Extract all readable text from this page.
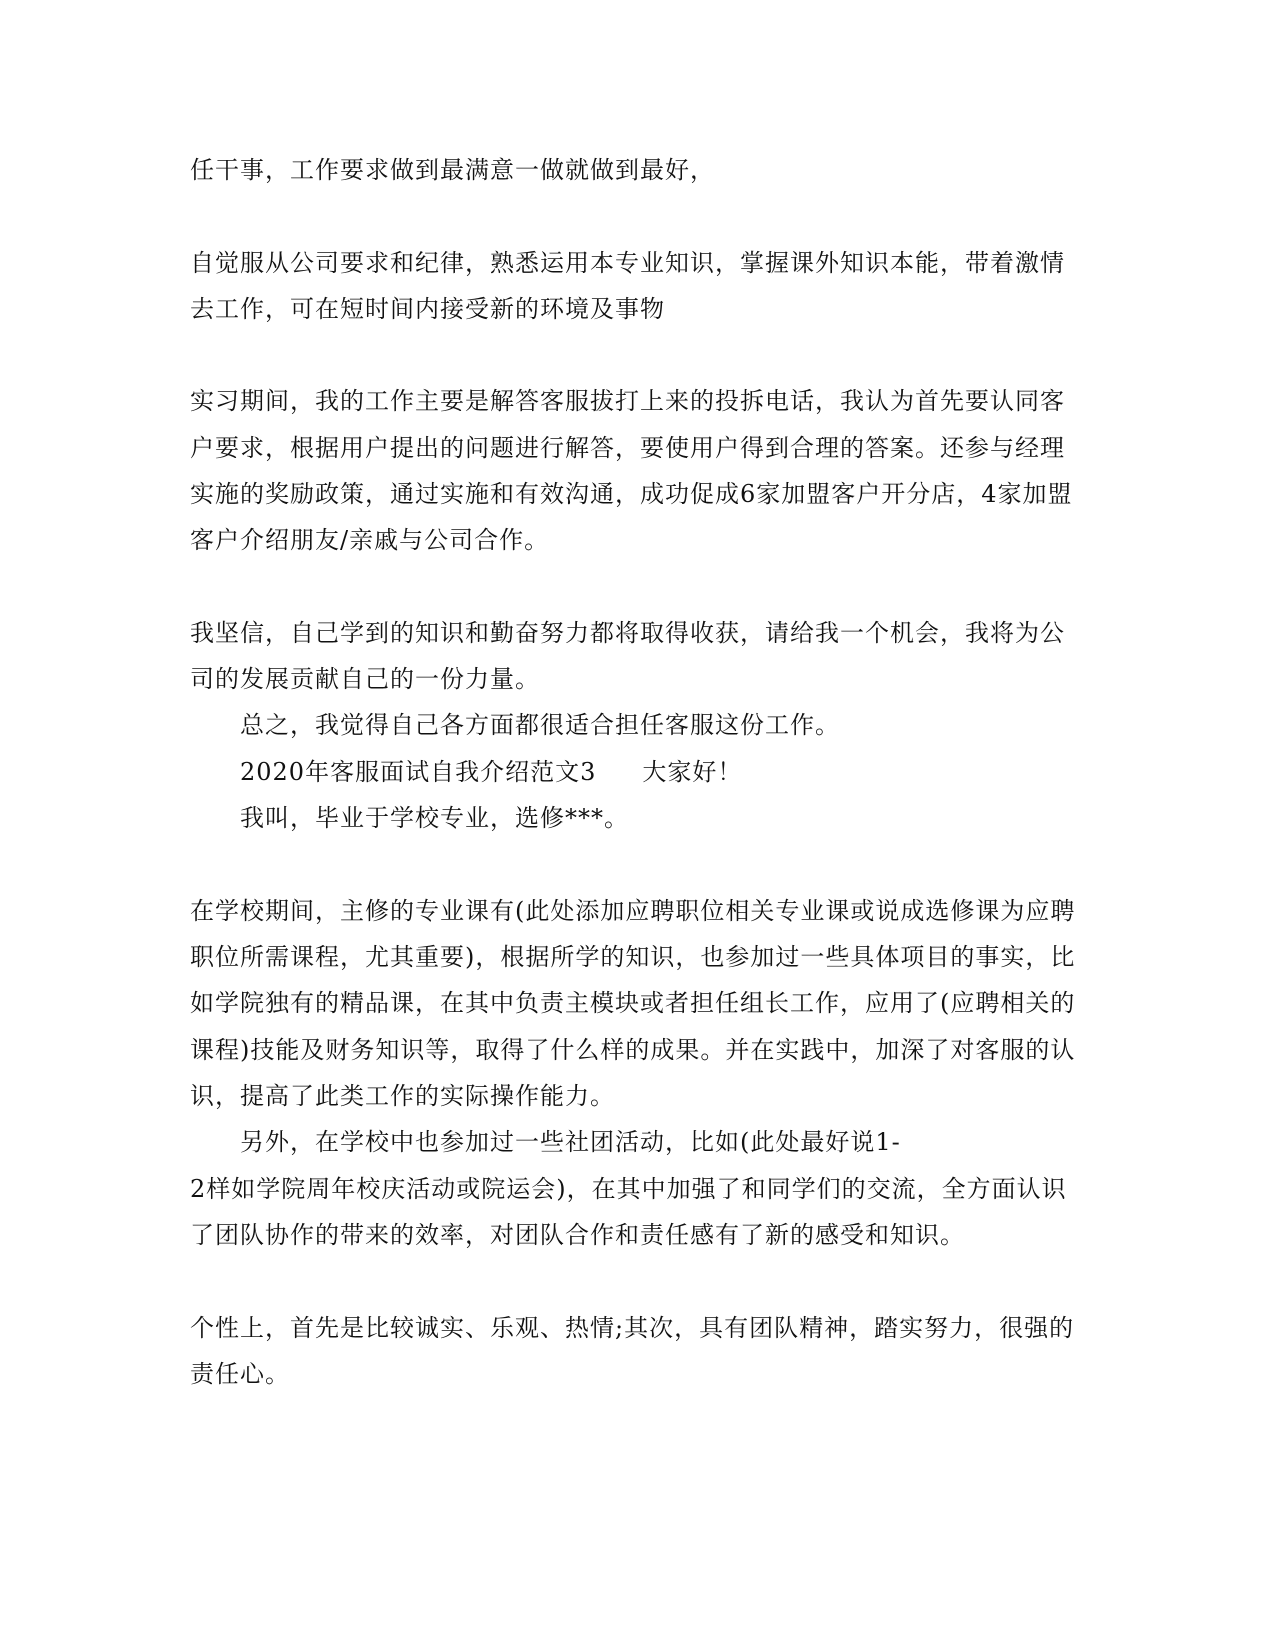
任干事，工作要求做到最满意一做就做到最好，
自觉服从公司要求和纪律，熟悉运用本专业知识，掌握课外知识本能，带着激情
去工作，可在短时间内接受新的环境及事物
实习期间，我的工作主要是解答客服拔打上来的投拆电话，我认为首先要认同客
户要求，根据用户提出的问题进行解答，要使用户得到合理的答案。还参与经理
实施的奖励政策，通过实施和有效沟通，成功促成6家加盟客户开分店，4家加盟
客户介绍朋友/亲戚与公司合作。
我坚信，自己学到的知识和勤奋努力都将取得收获，请给我一个机会，我将为公
司的发展贡献自己的一份力量。
总之，我觉得自己各方面都很适合担任客服这份工作。
2020年客服面试自我介绍范文3 大家好！
我叫，毕业于学校专业，选修***。
在学校期间，主修的专业课有(此处添加应聘职位相关专业课或说成选修课为应聘
职位所需课程，尤其重要)，根据所学的知识，也参加过一些具体项目的事实，比
如学院独有的精品课，在其中负责主模块或者担任组长工作，应用了(应聘相关的
课程)技能及财务知识等，取得了什么样的成果。并在实践中，加深了对客服的认
识，提高了此类工作的实际操作能力。
另外，在学校中也参加过一些社团活动，比如(此处最好说1-
2样如学院周年校庆活动或院运会)，在其中加强了和同学们的交流，全方面认识
了团队协作的带来的效率，对团队合作和责任感有了新的感受和知识。
个性上，首先是比较诚实、乐观、热情;其次，具有团队精神，踏实努力，很强的
责任心。
